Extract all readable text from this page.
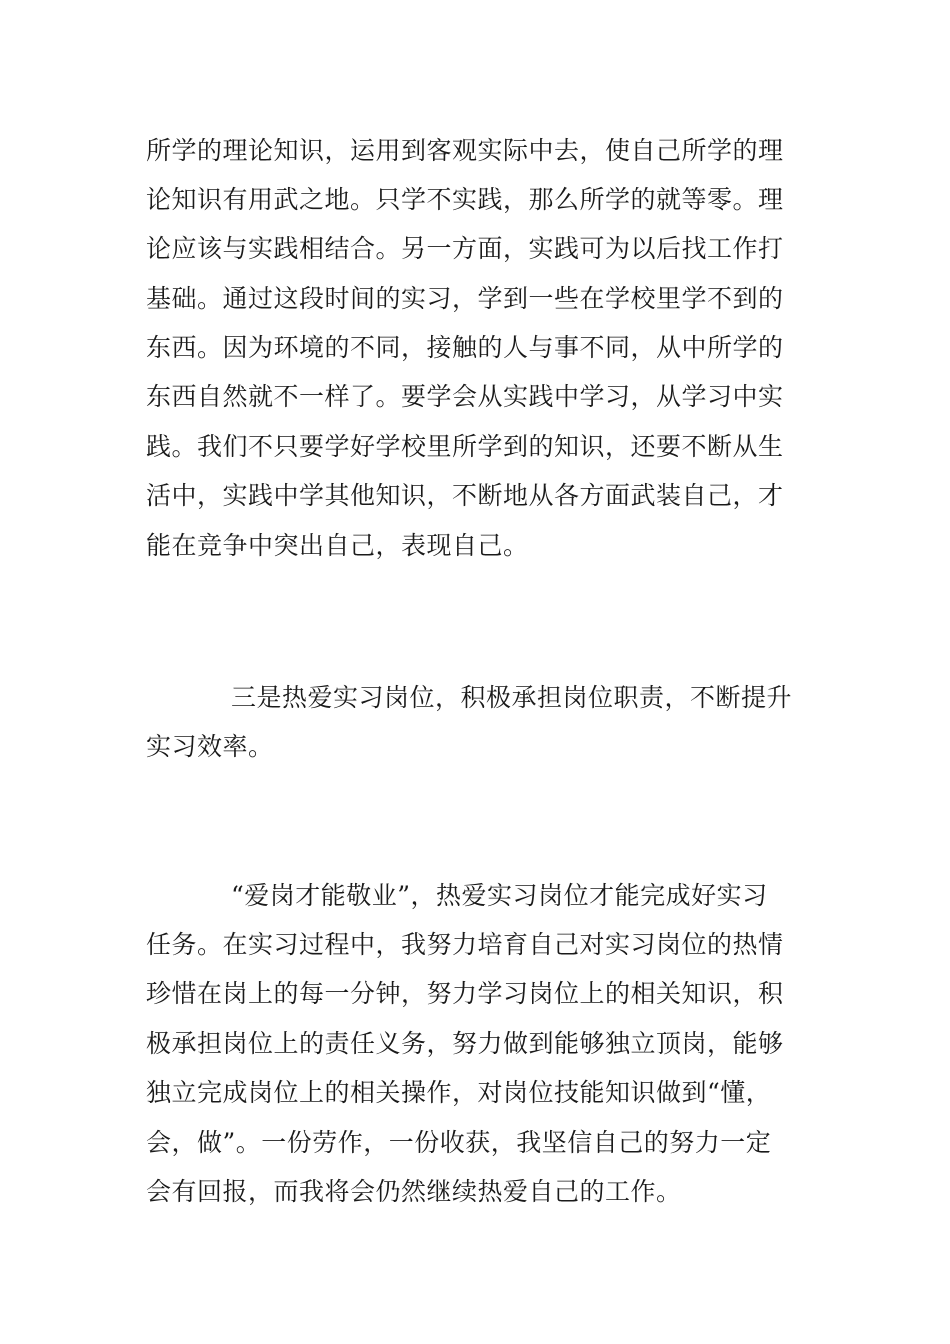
所学的理论知识，运用到客观实际中去，使自己所学的理
论知识有用武之地。只学不实践，那么所学的就等零。理
论应该与实践相结合。另一方面，实践可为以后找工作打
基础。通过这段时间的实习，学到一些在学校里学不到的
东西。因为环境的不同，接触的人与事不同，从中所学的
东西自然就不一样了。要学会从实践中学习，从学习中实
践。我们不只要学好学校里所学到的知识，还要不断从生
活中，实践中学其他知识，不断地从各方面武装自己，才
能在竞争中突出自己，表现自己。
三是热爱实习岗位，积极承担岗位职责，不断提升
实习效率。
“爱岗才能敬业”，热爱实习岗位才能完成好实习
任务。在实习过程中，我努力培育自己对实习岗位的热情
珍惜在岗上的每一分钟，努力学习岗位上的相关知识，积
极承担岗位上的责任义务，努力做到能够独立顶岗，能够
独立完成岗位上的相关操作，对岗位技能知识做到“懂，
会，做”。一份劳作，一份收获，我坚信自己的努力一定
会有回报，而我将会仍然继续热爱自己的工作。
